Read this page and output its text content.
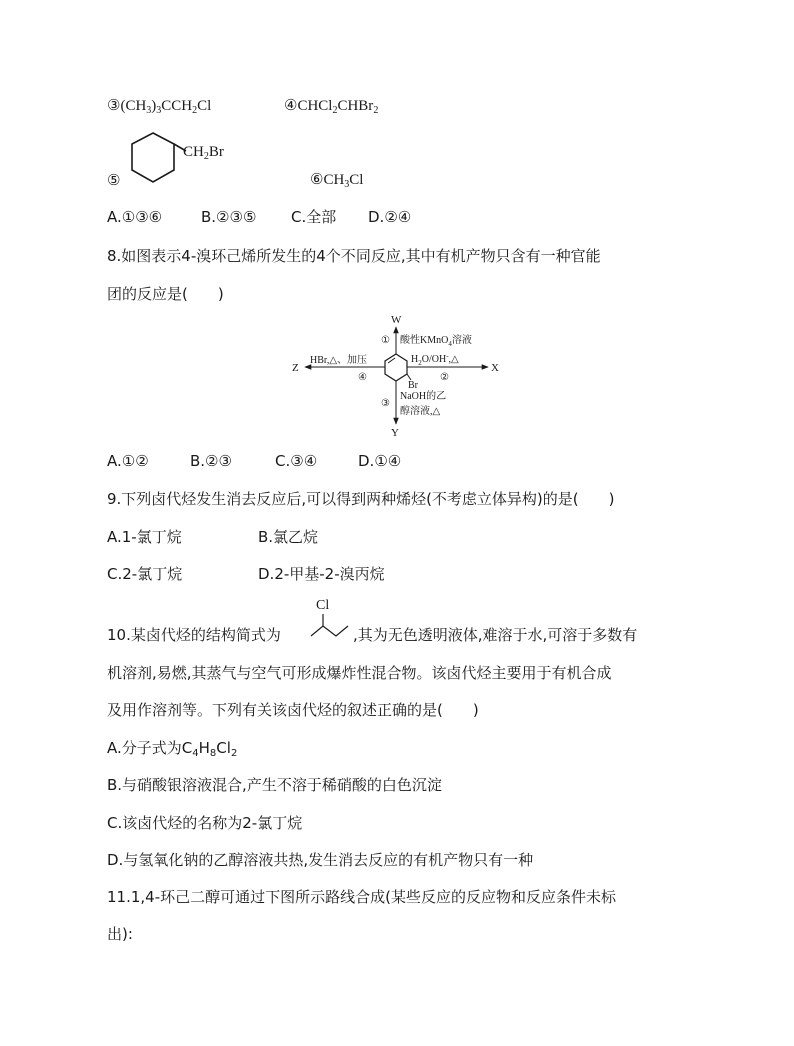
$③(CH_3)_3CCH_2Cl$	④CHCl$_2$CHBr$_2$
$CH_2Br$
⑤	$⑥CH_3Cl$
A.①③⑥	B.②③⑤ C.全部 D.②④
8.如图表示4-溴环己烯所发生的4个不同反应,其中有机产物只含有一种官能
团的反应是(　　)
W
① 酸性KMnO$_4$溶液
Br
Z
HBr,△、加压
④
X
$H_2O/OH^-,\triangle$
②
Y
③
NaOH的乙
醇溶液,△
A.①②	B.②③	C.③④	D.①④
9.下列卤代烃发生消去反应后,可以得到两种烯烃(不考虑立体异构)的是(　　)
A.1-氯丁烷	B.氯乙烷
C.2-氯丁烷	D.2-甲基-2-溴丙烷
10.某卤代烃的结构简式为
Cl
,其为无色透明液体,难溶于水,可溶于多数有
机溶剂,易燃,其蒸气与空气可形成爆炸性混合物。该卤代烃主要用于有机合成
及用作溶剂等。下列有关该卤代烃的叙述正确的是(　　)
A.分子式为$C_4H_8Cl_2$
B.与硝酸银溶液混合,产生不溶于稀硝酸的白色沉淀
C.该卤代烃的名称为2-氯丁烷
D.与氢氧化钠的乙醇溶液共热,发生消去反应的有机产物只有一种
11.1,4-环己二醇可通过下图所示路线合成(某些反应的反应物和反应条件未标
出):
